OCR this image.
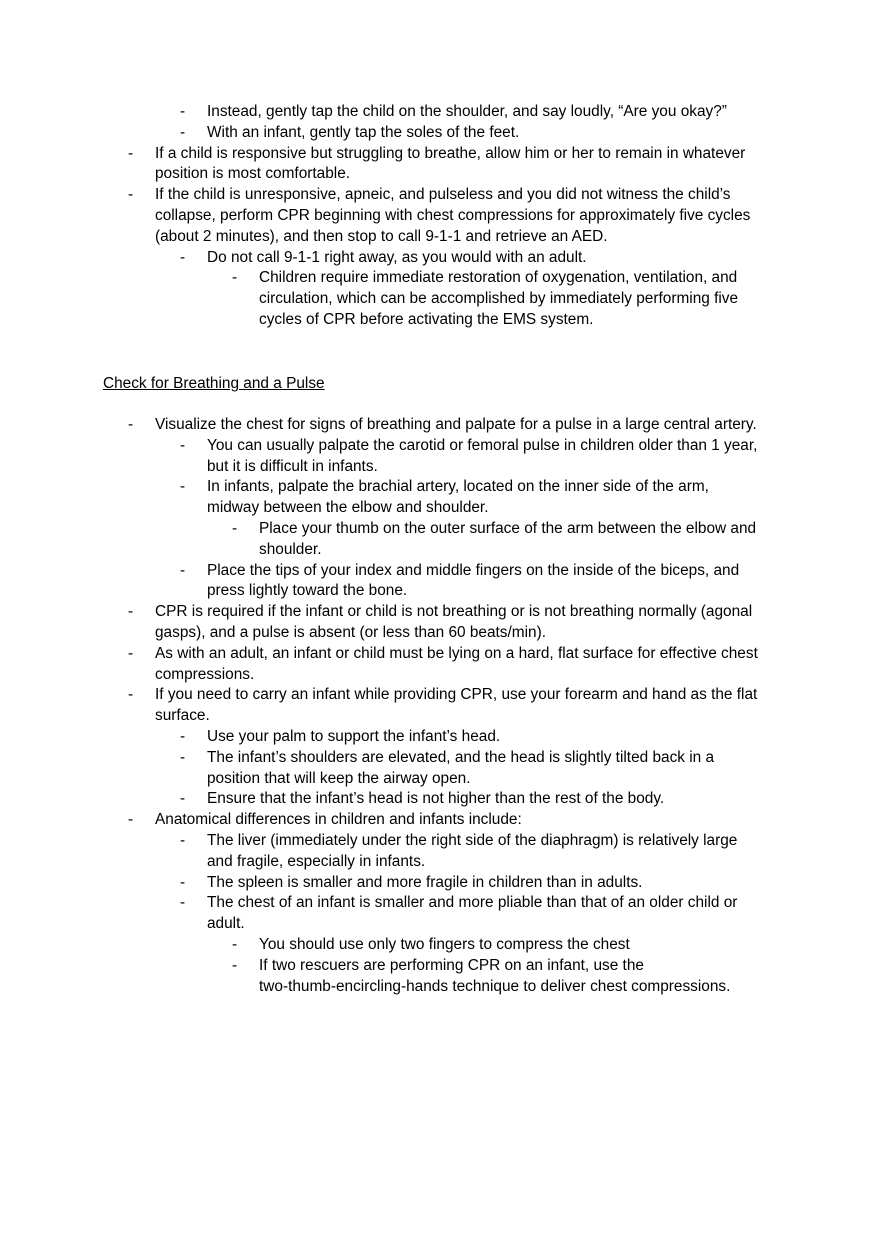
- Instead, gently tap the child on the shoulder, and say loudly, “Are you okay?”
- With an infant, gently tap the soles of the feet.
- If a child is responsive but struggling to breathe, allow him or her to remain in whatever
position is most comfortable.
- If the child is unresponsive, apneic, and pulseless and you did not witness the child’s
collapse, perform CPR beginning with chest compressions for approximately five cycles
(about 2 minutes), and then stop to call 9-1-1 and retrieve an AED.
- Do not call 9-1-1 right away, as you would with an adult.
- Children require immediate restoration of oxygenation, ventilation, and
circulation, which can be accomplished by immediately performing five
cycles of CPR before activating the EMS system.
Check for Breathing and a Pulse
- Visualize the chest for signs of breathing and palpate for a pulse in a large central artery.
- You can usually palpate the carotid or femoral pulse in children older than 1 year,
but it is difficult in infants.
- In infants, palpate the brachial artery, located on the inner side of the arm,
midway between the elbow and shoulder.
- Place your thumb on the outer surface of the arm between the elbow and
shoulder.
- Place the tips of your index and middle fingers on the inside of the biceps, and
press lightly toward the bone.
- CPR is required if the infant or child is not breathing or is not breathing normally (agonal
gasps), and a pulse is absent (or less than 60 beats/min).
- As with an adult, an infant or child must be lying on a hard, flat surface for effective chest
compressions.
- If you need to carry an infant while providing CPR, use your forearm and hand as the flat
surface.
- Use your palm to support the infant’s head.
- The infant’s shoulders are elevated, and the head is slightly tilted back in a
position that will keep the airway open.
- Ensure that the infant’s head is not higher than the rest of the body.
- Anatomical differences in children and infants include:
- The liver (immediately under the right side of the diaphragm) is relatively large
and fragile, especially in infants.
- The spleen is smaller and more fragile in children than in adults.
- The chest of an infant is smaller and more pliable than that of an older child or
adult.
- You should use only two fingers to compress the chest
- If two rescuers are performing CPR on an infant, use the
two-thumb-encircling-hands technique to deliver chest compressions.
